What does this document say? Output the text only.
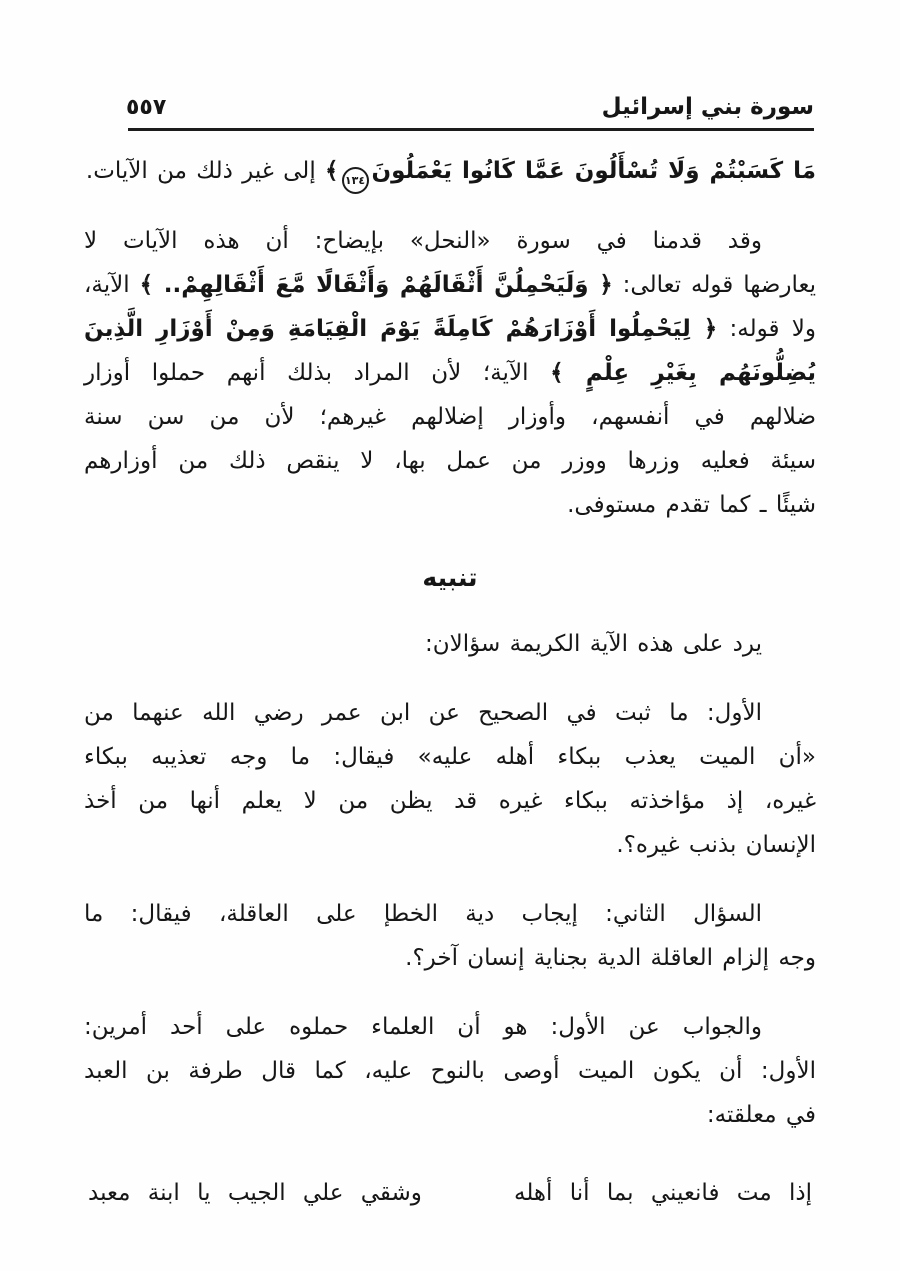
سورة بني إسرائيل
٥٥٧
مَا كَسَبْتُمْ وَلَا تُسْأَلُونَ عَمَّا كَانُوا يَعْمَلُونَ١٣٤﴾ إلى غير ذلك من الآيات.
وقد قدمنا في سورة «النحل» بإيضاح: أن هذه الآيات لا
يعارضها قوله تعالى: ﴿ وَلَيَحْمِلُنَّ أَثْقَالَهُمْ وَأَثْقَالًا مَّعَ أَثْقَالِهِمْ.. ﴾ الآية،
ولا قوله: ﴿ لِيَحْمِلُوا أَوْزَارَهُمْ كَامِلَةً يَوْمَ الْقِيَامَةِ وَمِنْ أَوْزَارِ الَّذِينَ
يُضِلُّونَهُم بِغَيْرِ عِلْمٍ ﴾ الآية؛ لأن المراد بذلك أنهم حملوا أوزار
ضلالهم في أنفسهم، وأوزار إضلالهم غيرهم؛ لأن من سن سنة
سيئة فعليه وزرها ووزر من عمل بها، لا ينقص ذلك من أوزارهم
شيئًا ـ كما تقدم مستوفى.
تنبيه
يرد على هذه الآية الكريمة سؤالان:
الأول: ما ثبت في الصحيح عن ابن عمر رضي الله عنهما من
«أن الميت يعذب ببكاء أهله عليه» فيقال: ما وجه تعذيبه ببكاء
غيره، إذ مؤاخذته ببكاء غيره قد يظن من لا يعلم أنها من أخذ
الإنسان بذنب غيره؟.
السؤال الثاني: إيجاب دية الخطإ على العاقلة، فيقال: ما
وجه إلزام العاقلة الدية بجناية إنسان آخر؟.
والجواب عن الأول: هو أن العلماء حملوه على أحد أمرين:
الأول: أن يكون الميت أوصى بالنوح عليه، كما قال طرفة بن العبد
في معلقته:
إذا مت فانعيني بما أنا أهله
وشقي علي الجيب يا ابنة معبد
